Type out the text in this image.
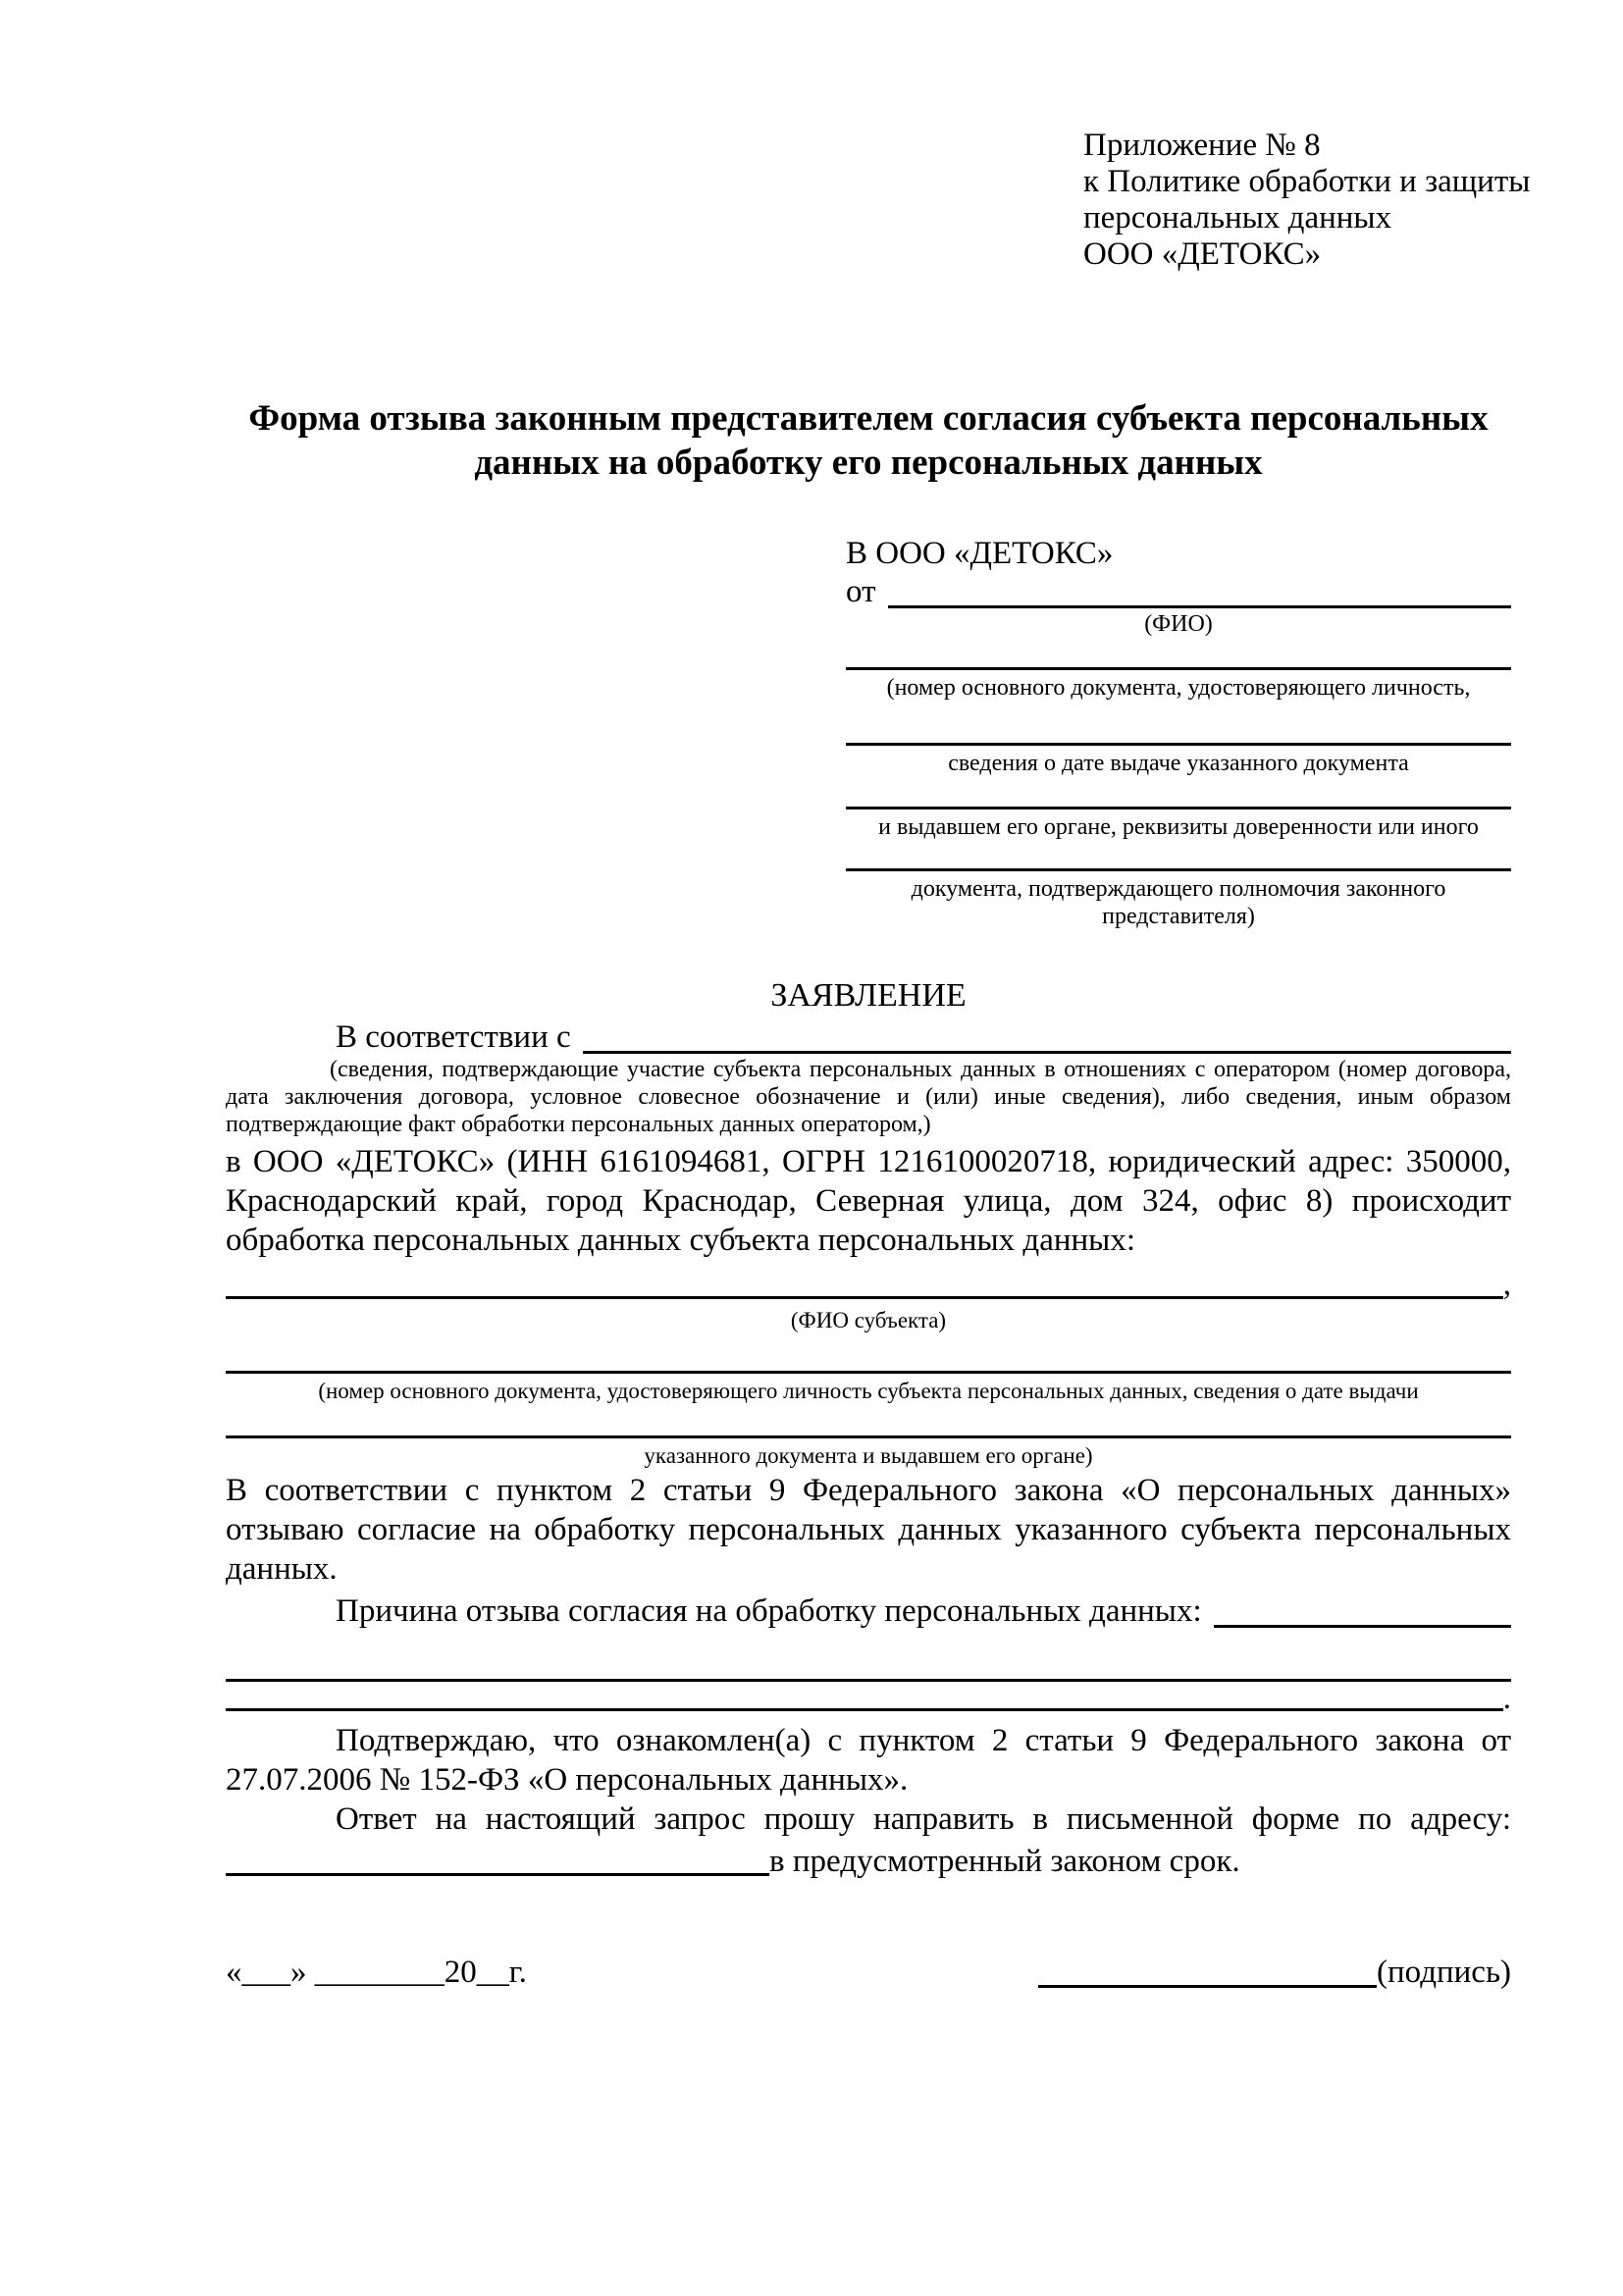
Приложение № 8
к Политике обработки и защиты
персональных данных
ООО «ДЕТОКС»
Форма отзыва законным представителем согласия субъекта персональных данных на обработку его персональных данных
В ООО «ДЕТОКС»
от
(ФИО)
(номер основного документа, удостоверяющего личность,
сведения о дате выдаче указанного документа
и выдавшем его органе, реквизиты доверенности или иного
документа, подтверждающего полномочия законного представителя)
ЗАЯВЛЕНИЕ
В соответствии с
(сведения, подтверждающие участие субъекта персональных данных в отношениях с оператором (номер договора, дата заключения договора, условное словесное обозначение и (или) иные сведения), либо сведения, иным образом подтверждающие факт обработки персональных данных оператором,)

в ООО «ДЕТОКС» (ИНН 6161094681, ОГРН 1216100020718, юридический адрес: 350000, Краснодарский край, город Краснодар, Северная улица, дом 324, офис 8) происходит обработка персональных данных субъекта персональных данных:

,
(ФИО субъекта)
(номер основного документа, удостоверяющего личность субъекта персональных данных, сведения о дате выдачи
указанного документа и выдавшем его органе)

В соответствии с пунктом 2 статьи 9 Федерального закона «О персональных данных» отзываю согласие на обработку персональных данных указанного субъекта персональных данных.

Причина отзыва согласия на обработку персональных данных:
.

Подтверждаю, что ознакомлен(а) с пунктом 2 статьи 9 Федерального закона от 27.07.2006 № 152-ФЗ «О персональных данных».

Ответ на настоящий запрос прошу направить в письменной форме по адресу:

в предусмотренный законом срок.
«___» ________20__г.	(подпись)
